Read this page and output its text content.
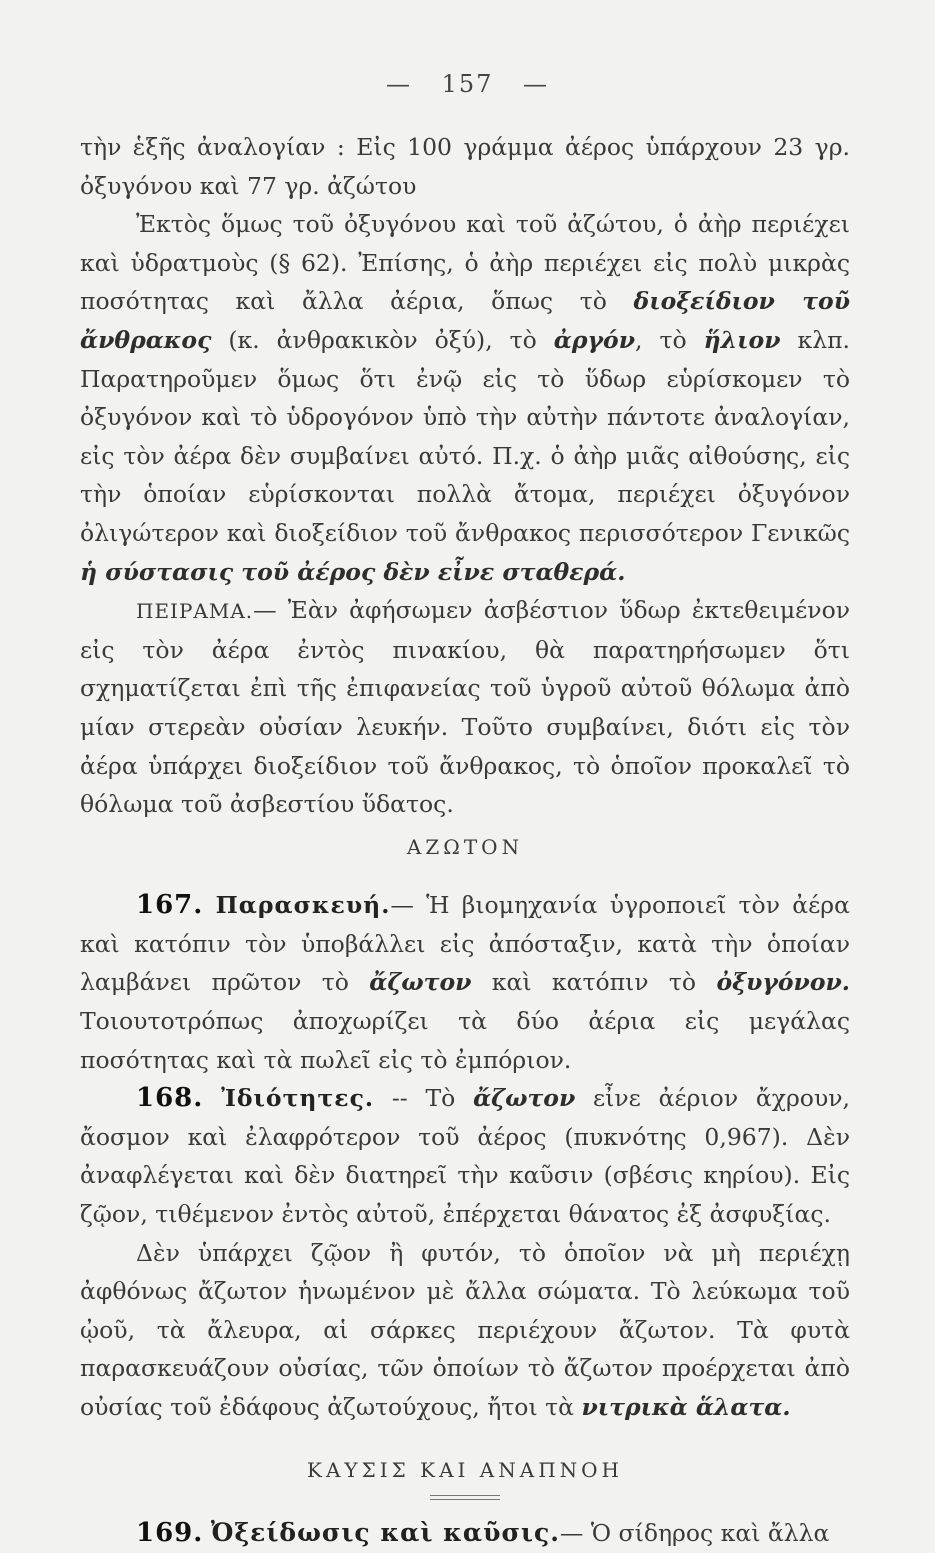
— 157 —

τὴν ἑξῆς ἀναλογίαν : Εἰς 100 γράμμα ἀέρος ὑπάρχουν 23 γρ. ὀξυγόνου καὶ 77 γρ. ἀζώτου

Ἐκτὸς ὅμως τοῦ ὀξυγόνου καὶ τοῦ ἀζώτου, ὁ ἀὴρ περιέχει καὶ ὑδρατμοὺς (§ 62). Ἐπίσης, ὁ ἀὴρ περιέχει εἰς πολὺ μικρὰς ποσότητας καὶ ἄλλα ἀέρια, ὅπως τὸ διοξείδιον τοῦ ἄνθρακος (κ. ἀνθρακικὸν ὀξύ), τὸ ἀργόν, τὸ ἥλιον κλπ. Παρατηροῦμεν ὅμως ὅτι ἐνῷ εἰς τὸ ὕδωρ εὑρίσκομεν τὸ ὀξυγόνον καὶ τὸ ὑδρογόνον ὑπὸ τὴν αὐτὴν πάντοτε ἀναλογίαν, εἰς τὸν ἀέρα δὲν συμβαίνει αὐτό. Π.χ. ὁ ἀὴρ μιᾶς αἰθούσης, εἰς τὴν ὁποίαν εὑρίσκονται πολλὰ ἄτομα, περιέχει ὀξυγόνον ὀλιγώτερον καὶ διοξείδιον τοῦ ἄνθρακος περισσότερον Γενικῶς ἡ σύστασις τοῦ ἀέρος δὲν εἶνε σταθερά.

ΠΕΙΡΑΜΑ.— Ἐὰν ἀφήσωμεν ἀσβέστιον ὕδωρ ἐκτεθειμένον εἰς τὸν ἀέρα ἐντὸς πινακίου, θὰ παρατηρήσωμεν ὅτι σχηματίζεται ἐπὶ τῆς ἐπιφανείας τοῦ ὑγροῦ αὐτοῦ θόλωμα ἀπὸ μίαν στερεὰν οὐσίαν λευκήν. Τοῦτο συμβαίνει, διότι εἰς τὸν ἀέρα ὑπάρχει διοξείδιον τοῦ ἄνθρακος, τὸ ὁποῖον προκαλεῖ τὸ θόλωμα τοῦ ἀσβεστίου ὕδατος.

ΑΖΩΤΟΝ

167. Παρασκευή.— Ἡ βιομηχανία ὑγροποιεῖ τὸν ἀέρα καὶ κατόπιν τὸν ὑποβάλλει εἰς ἀπόσταξιν, κατὰ τὴν ὁποίαν λαμβάνει πρῶτον τὸ ἄζωτον καὶ κατόπιν τὸ ὀξυγόνον. Τοιουτοτρόπως ἀποχωρίζει τὰ δύο ἀέρια εἰς μεγάλας ποσότητας καὶ τὰ πωλεῖ εἰς τὸ ἐμπόριον.

168. Ἰδιότητες. -- Τὸ ἄζωτον εἶνε ἀέριον ἄχρουν, ἄοσμον καὶ ἐλαφρότερον τοῦ ἀέρος (πυκνότης 0,967). Δὲν ἀναφλέγεται καὶ δὲν διατηρεῖ τὴν καῦσιν (σβέσις κηρίου). Εἰς ζῷον, τιθέμενον ἐντὸς αὐτοῦ, ἐπέρχεται θάνατος ἐξ ἀσφυξίας.

Δὲν ὑπάρχει ζῷον ἢ φυτόν, τὸ ὁποῖον νὰ μὴ περιέχῃ ἀφθόνως ἄζωτον ἡνωμένον μὲ ἄλλα σώματα. Τὸ λεύκωμα τοῦ ᾠοῦ, τὰ ἄλευρα, αἱ σάρκες περιέχουν ἄζωτον. Τὰ φυτὰ παρασκευάζουν οὐσίας, τῶν ὁποίων τὸ ἄζωτον προέρχεται ἀπὸ οὐσίας τοῦ ἐδάφους ἀζωτούχους, ἤτοι τὰ νιτρικὰ ἅλατα.

ΚΑΥΣΙΣ ΚΑΙ ΑΝΑΠΝΟΗ

169. Ὀξείδωσις καὶ καῦσις.— Ὁ σίδηρος καὶ ἄλλα
